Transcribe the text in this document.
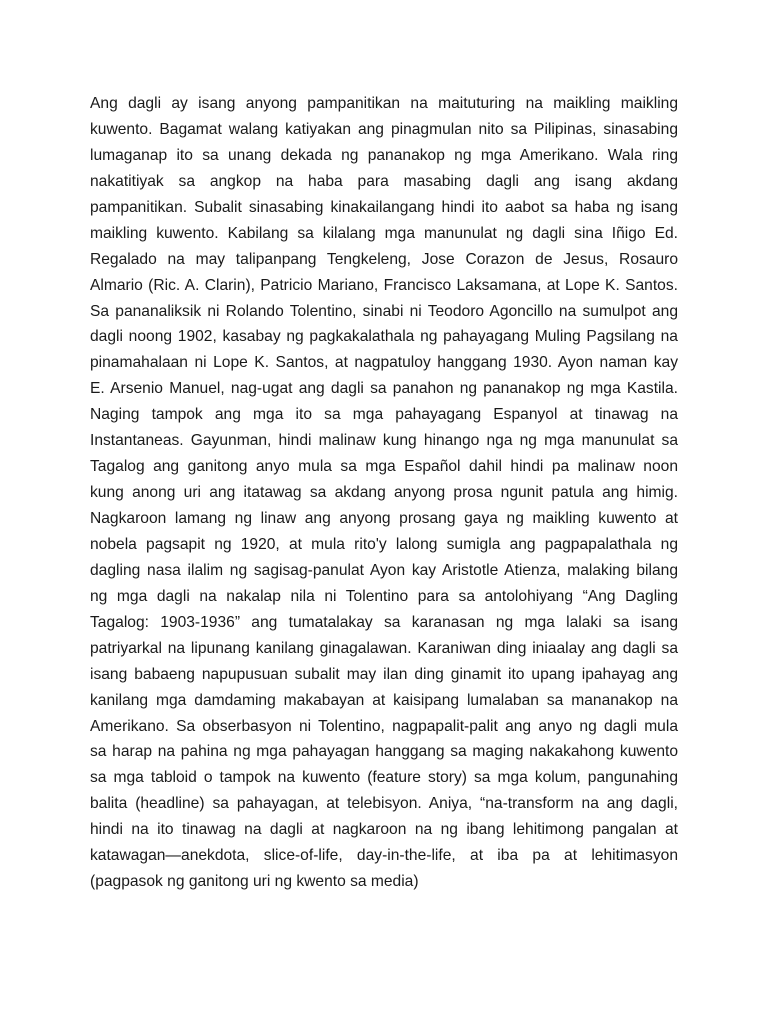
Ang dagli ay isang anyong pampanitikan na maituturing na maikling maikling
kuwento. Bagamat walang katiyakan ang pinagmulan nito sa Pilipinas, sinasabing
lumaganap ito sa unang dekada ng pananakop ng mga Amerikano. Wala ring
nakatitiyak sa angkop na haba para masabing dagli ang isang akdang
pampanitikan. Subalit sinasabing kinakailangang hindi ito aabot sa haba ng isang
maikling kuwento. Kabilang sa kilalang mga manunulat ng dagli sina Iñigo Ed.
Regalado na may talipanpang Tengkeleng, Jose Corazon de Jesus, Rosauro
Almario (Ric. A. Clarin), Patricio Mariano, Francisco Laksamana, at Lope K. Santos.
Sa pananaliksik ni Rolando Tolentino, sinabi ni Teodoro Agoncillo na sumulpot ang
dagli noong 1902, kasabay ng pagkakalathala ng pahayagang Muling Pagsilang na
pinamahalaan ni Lope K. Santos, at nagpatuloy hanggang 1930. Ayon naman kay
E. Arsenio Manuel, nag-ugat ang dagli sa panahon ng pananakop ng mga Kastila.
Naging tampok ang mga ito sa mga pahayagang Espanyol at tinawag na
Instantaneas. Gayunman, hindi malinaw kung hinango nga ng mga manunulat sa
Tagalog ang ganitong anyo mula sa mga Español dahil hindi pa malinaw noon
kung anong uri ang itatawag sa akdang anyong prosa ngunit patula ang himig.
Nagkaroon lamang ng linaw ang anyong prosang gaya ng maikling kuwento at
nobela pagsapit ng 1920, at mula rito'y lalong sumigla ang pagpapalathala ng
dagling nasa ilalim ng sagisag-panulat Ayon kay Aristotle Atienza, malaking bilang
ng mga dagli na nakalap nila ni Tolentino para sa antolohiyang “Ang Dagling
Tagalog: 1903-1936” ang tumatalakay sa karanasan ng mga lalaki sa isang
patriyarkal na lipunang kanilang ginagalawan. Karaniwan ding iniaalay ang dagli sa
isang babaeng napupusuan subalit may ilan ding ginamit ito upang ipahayag ang
kanilang mga damdaming makabayan at kaisipang lumalaban sa mananakop na
Amerikano. Sa obserbasyon ni Tolentino, nagpapalit-palit ang anyo ng dagli mula
sa harap na pahina ng mga pahayagan hanggang sa maging nakakahong kuwento
sa mga tabloid o tampok na kuwento (feature story) sa mga kolum, pangunahing
balita (headline) sa pahayagan, at telebisyon. Aniya, “na-transform na ang dagli,
hindi na ito tinawag na dagli at nagkaroon na ng ibang lehitimong pangalan at
katawagan—anekdota, slice-of-life, day-in-the-life, at iba pa at lehitimasyon
(pagpasok ng ganitong uri ng kwento sa media)
